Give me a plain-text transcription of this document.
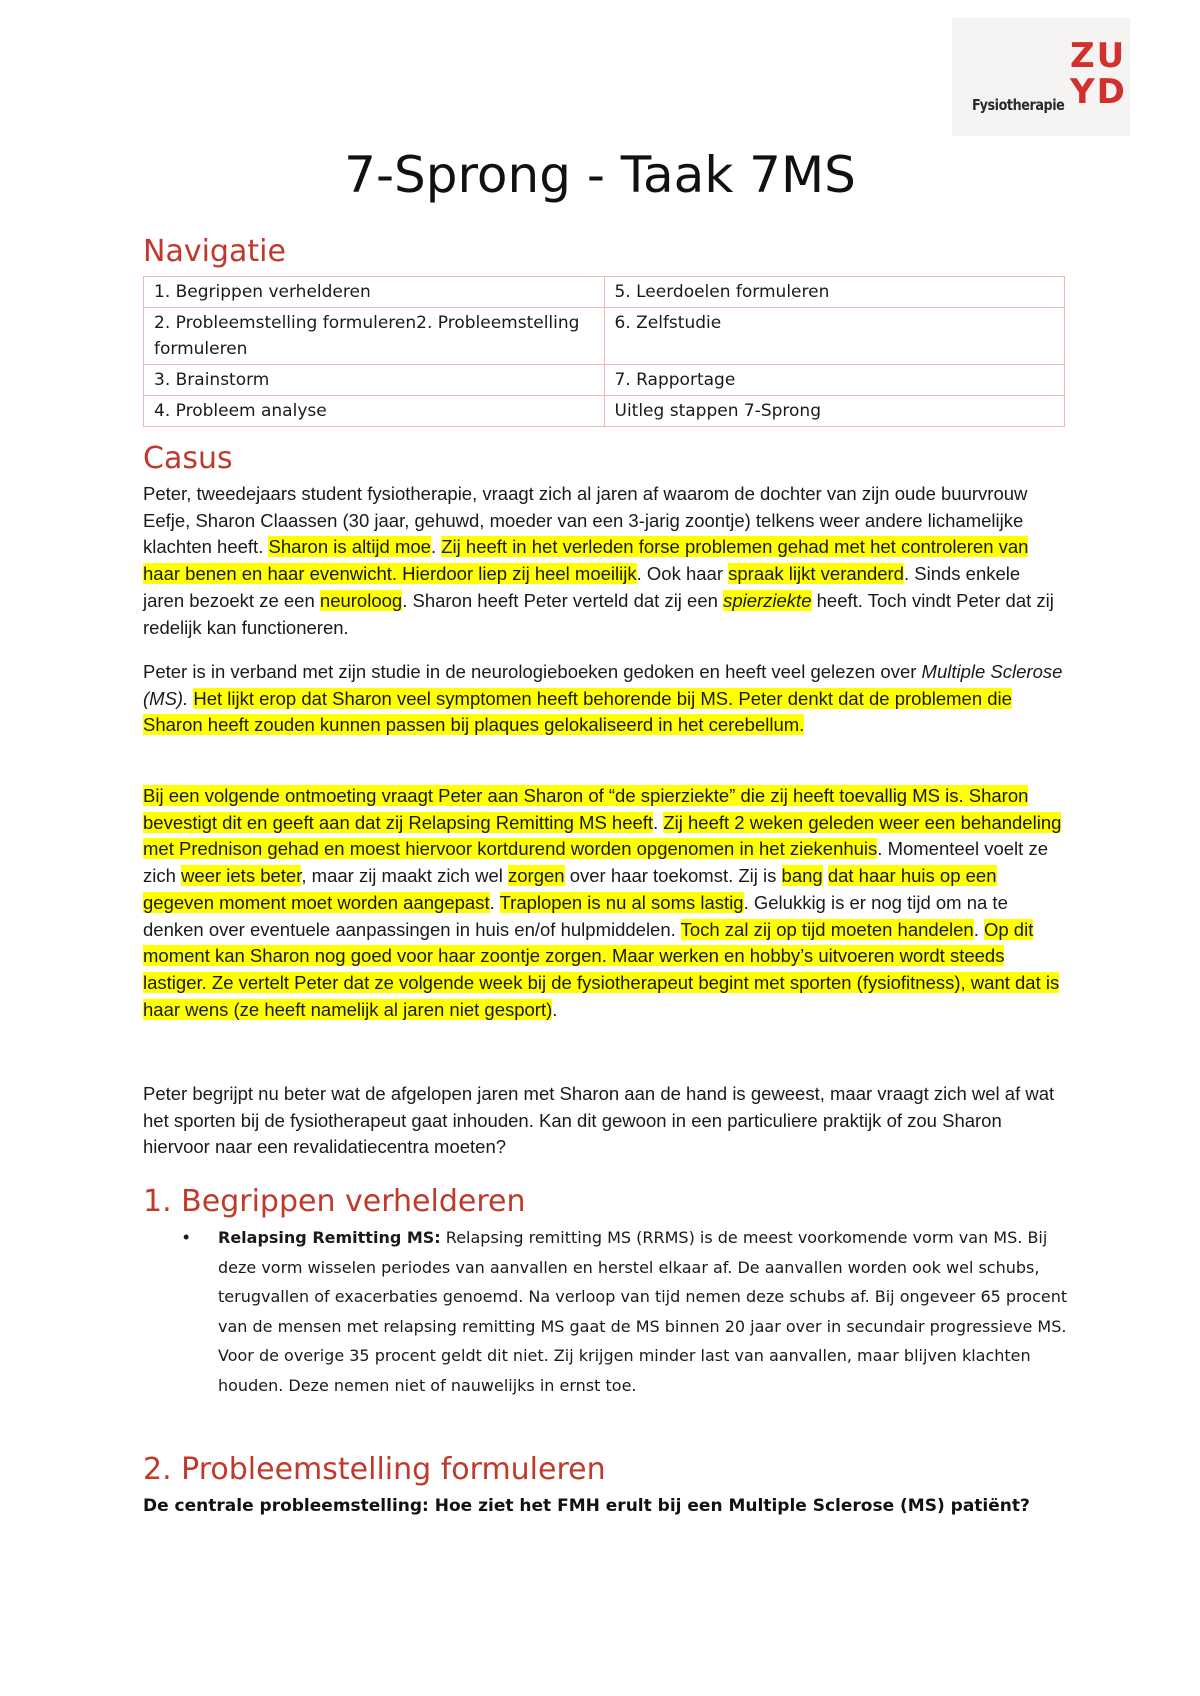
Fysiotherapie
ZU YD
7-Sprong - Taak 7MS
Navigatie
1. Begrippen verhelderen	5. Leerdoelen formuleren
2. Probleemstelling formuleren2. Probleemstelling formuleren	6. Zelfstudie
3. Brainstorm	7. Rapportage
4. Probleem analyse	Uitleg stappen 7-Sprong
Casus

Peter, tweedejaars student fysiotherapie, vraagt zich al jaren af waarom de dochter van zijn oude buurvrouw Eefje, Sharon Claassen (30 jaar, gehuwd, moeder van een 3-jarig zoontje) telkens weer andere lichamelijke klachten heeft. Sharon is altijd moe. Zij heeft in het verleden forse problemen gehad met het controleren van haar benen en haar evenwicht. Hierdoor liep zij heel moeilijk. Ook haar spraak lijkt veranderd. Sinds enkele jaren bezoekt ze een neuroloog. Sharon heeft Peter verteld dat zij een spierziekte heeft. Toch vindt Peter dat zij redelijk kan functioneren.

Peter is in verband met zijn studie in de neurologieboeken gedoken en heeft veel gelezen over Multiple Sclerose (MS). Het lijkt erop dat Sharon veel symptomen heeft behorende bij MS. Peter denkt dat de problemen die Sharon heeft zouden kunnen passen bij plaques gelokaliseerd in het cerebellum.

Bij een volgende ontmoeting vraagt Peter aan Sharon of “de spierziekte” die zij heeft toevallig MS is. Sharon bevestigt dit en geeft aan dat zij Relapsing Remitting MS heeft. Zij heeft 2 weken geleden weer een behandeling met Prednison gehad en moest hiervoor kortdurend worden opgenomen in het ziekenhuis. Momenteel voelt ze zich weer iets beter, maar zij maakt zich wel zorgen over haar toekomst. Zij is bang dat haar huis op een gegeven moment moet worden aangepast. Traplopen is nu al soms lastig. Gelukkig is er nog tijd om na te denken over eventuele aanpassingen in huis en/of hulpmiddelen. Toch zal zij op tijd moeten handelen. Op dit moment kan Sharon nog goed voor haar zoontje zorgen. Maar werken en hobby’s uitvoeren wordt steeds lastiger. Ze vertelt Peter dat ze volgende week bij de fysiotherapeut begint met sporten (fysiofitness), want dat is haar wens (ze heeft namelijk al jaren niet gesport).

Peter begrijpt nu beter wat de afgelopen jaren met Sharon aan de hand is geweest, maar vraagt zich wel af wat het sporten bij de fysiotherapeut gaat inhouden. Kan dit gewoon in een particuliere praktijk of zou Sharon hiervoor naar een revalidatiecentra moeten?

1. Begrippen verhelderen
• Relapsing Remitting MS: Relapsing remitting MS (RRMS) is de meest voorkomende vorm van MS. Bij deze vorm wisselen periodes van aanvallen en herstel elkaar af. De aanvallen worden ook wel schubs, terugvallen of exacerbaties genoemd. Na verloop van tijd nemen deze schubs af. Bij ongeveer 65 procent van de mensen met relapsing remitting MS gaat de MS binnen 20 jaar over in secundair progressieve MS. Voor de overige 35 procent geldt dit niet. Zij krijgen minder last van aanvallen, maar blijven klachten houden. Deze nemen niet of nauwelijks in ernst toe.

2. Probleemstelling formuleren

De centrale probleemstelling: Hoe ziet het FMH erult bij een Multiple Sclerose (MS) patiënt?
